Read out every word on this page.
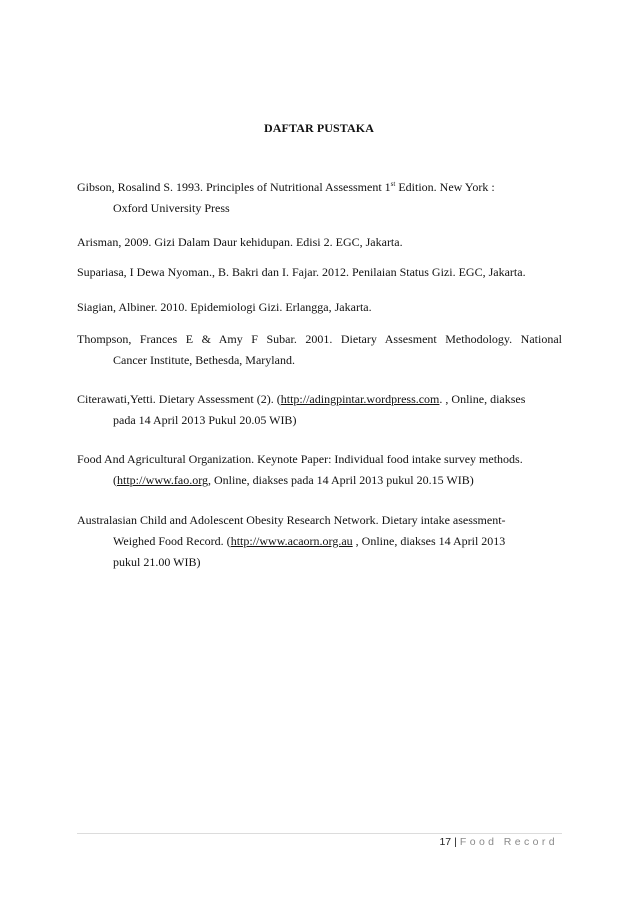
DAFTAR PUSTAKA
Gibson, Rosalind S. 1993. Principles of Nutritional Assessment 1st Edition. New York :
Oxford University Press
Arisman, 2009. Gizi Dalam Daur kehidupan. Edisi 2. EGC, Jakarta.
Supariasa, I Dewa Nyoman., B. Bakri dan I. Fajar. 2012. Penilaian Status Gizi. EGC, Jakarta.
Siagian, Albiner. 2010. Epidemiologi Gizi. Erlangga, Jakarta.
Thompson, Frances E & Amy F Subar. 2001. Dietary Assesment Methodology. National
Cancer Institute, Bethesda, Maryland.
Citerawati,Yetti. Dietary Assessment (2). (http://adingpintar.wordpress.com. , Online, diakses
pada 14 April 2013 Pukul 20.05 WIB)
Food And Agricultural Organization. Keynote Paper: Individual food intake survey methods.
(http://www.fao.org, Online, diakses pada 14 April 2013 pukul 20.15 WIB)
Australasian Child and Adolescent Obesity Research Network. Dietary intake asessment-
Weighed Food Record. (http://www.acaorn.org.au , Online, diakses 14 April 2013
pukul 21.00 WIB)
17 | Food Record
